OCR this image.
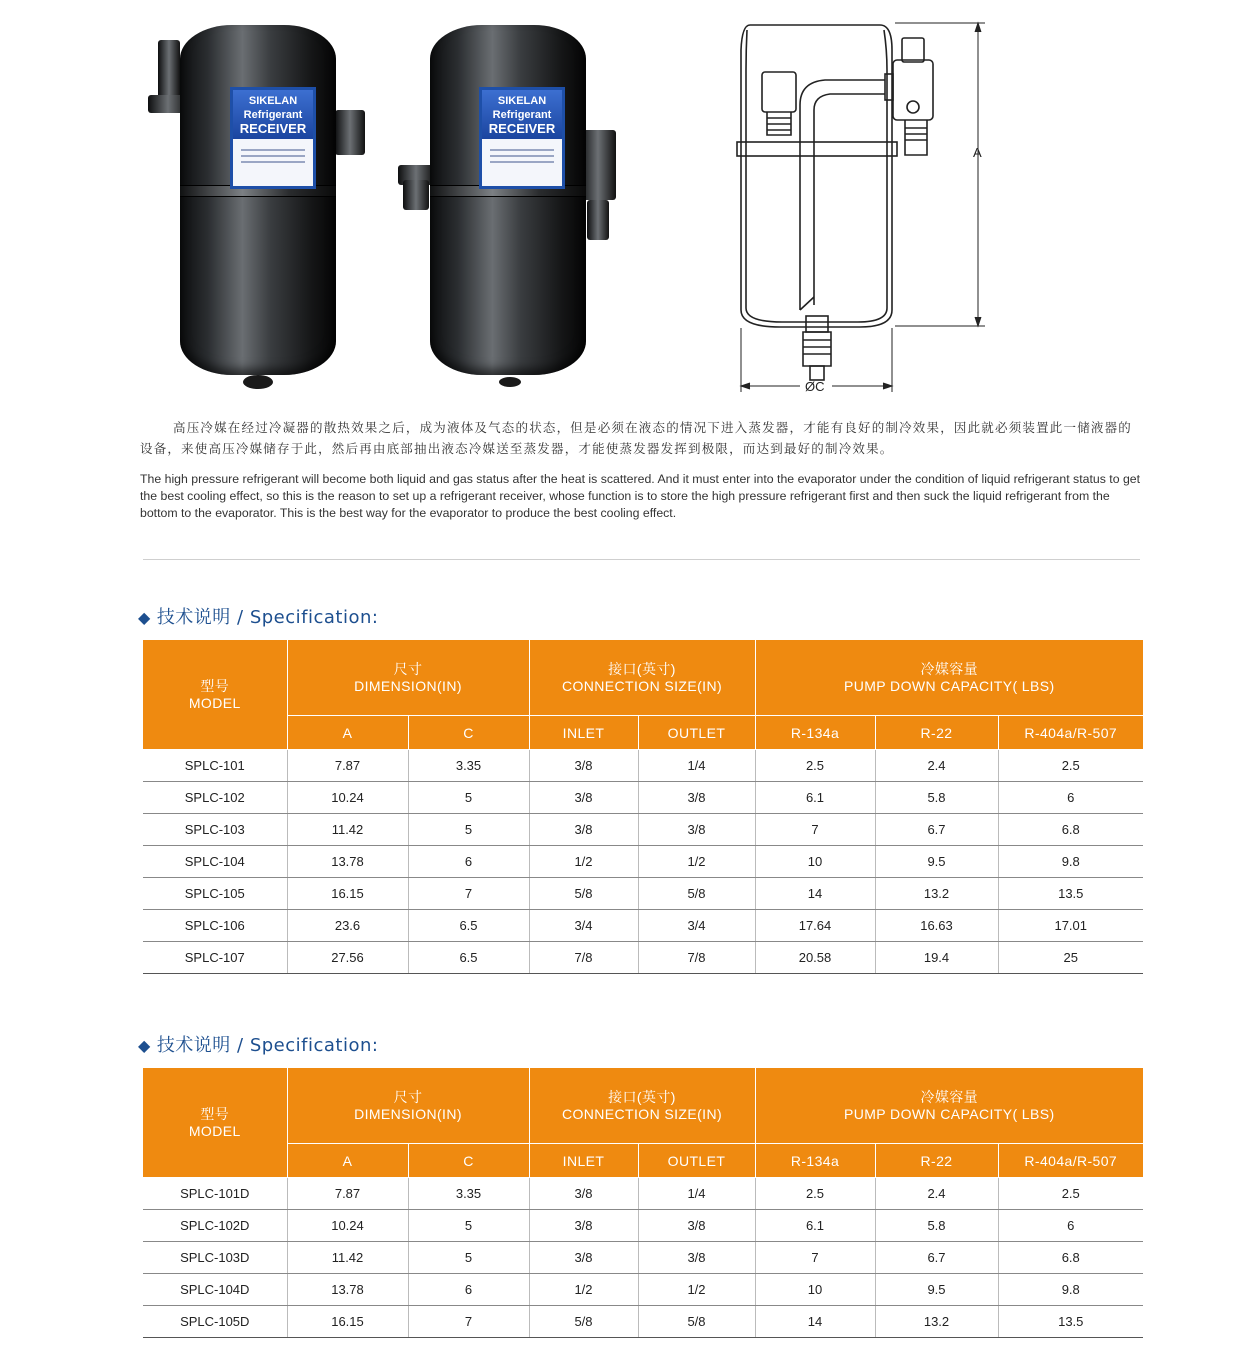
SIKELAN
Refrigerant
RECEIVER
SIKELAN
Refrigerant
RECEIVER
A
ØC
高压冷媒在经过冷凝器的散热效果之后，成为液体及气态的状态，但是必须在液态的情况下进入蒸发器，才能有良好的制冷效果，因此就必须装置此一储液器的设备，来使高压冷媒储存于此，然后再由底部抽出液态冷媒送至蒸发器，才能使蒸发器发挥到极限，而达到最好的制冷效果。
The high pressure refrigerant will become both liquid and gas status after the heat is scattered. And it must enter into the evaporator under the condition of liquid refrigerant status to get the best cooling effect, so this is the reason to set up a refrigerant receiver, whose function is to store the high pressure refrigerant first and then suck the liquid refrigerant from the bottom to the evaporator. This is the best way for the evaporator to produce the best cooling effect.
◆ 技术说明 / Specification:
型号
MODEL	尺寸
DIMENSION(IN)		接口(英寸)
CONNECTION SIZE(IN)		冷媒容量
PUMP DOWN CAPACITY( LBS)		
	A	C	INLET	OUTLET	R-134a	R-22	R-404a/R-507
SPLC-101	7.87	3.35	3/8	1/4	2.5	2.4	2.5
SPLC-102	10.24	5	3/8	3/8	6.1	5.8	6
SPLC-103	11.42	5	3/8	3/8	7	6.7	6.8
SPLC-104	13.78	6	1/2	1/2	10	9.5	9.8
SPLC-105	16.15	7	5/8	5/8	14	13.2	13.5
SPLC-106	23.6	6.5	3/4	3/4	17.64	16.63	17.01
SPLC-107	27.56	6.5	7/8	7/8	20.58	19.4	25
◆ 技术说明 / Specification:
型号
MODEL	尺寸
DIMENSION(IN)		接口(英寸)
CONNECTION SIZE(IN)		冷媒容量
PUMP DOWN CAPACITY( LBS)		
	A	C	INLET	OUTLET	R-134a	R-22	R-404a/R-507
SPLC-101D	7.87	3.35	3/8	1/4	2.5	2.4	2.5
SPLC-102D	10.24	5	3/8	3/8	6.1	5.8	6
SPLC-103D	11.42	5	3/8	3/8	7	6.7	6.8
SPLC-104D	13.78	6	1/2	1/2	10	9.5	9.8
SPLC-105D	16.15	7	5/8	5/8	14	13.2	13.5
